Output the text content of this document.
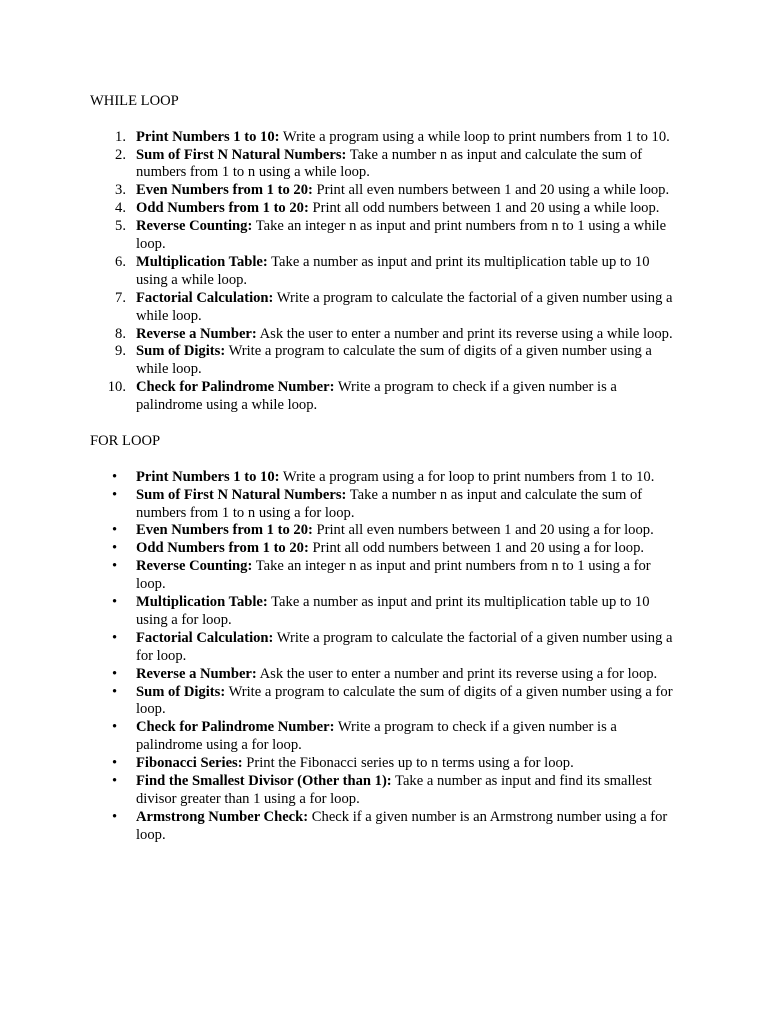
WHILE LOOP

1. Print Numbers 1 to 10: Write a program using a while loop to print numbers from 1 to 10.
2. Sum of First N Natural Numbers: Take a number n as input and calculate the sum of numbers from 1 to n using a while loop.
3. Even Numbers from 1 to 20: Print all even numbers between 1 and 20 using a while loop.
4. Odd Numbers from 1 to 20: Print all odd numbers between 1 and 20 using a while loop.
5. Reverse Counting: Take an integer n as input and print numbers from n to 1 using a while loop.
6. Multiplication Table: Take a number as input and print its multiplication table up to 10 using a while loop.
7. Factorial Calculation: Write a program to calculate the factorial of a given number using a while loop.
8. Reverse a Number: Ask the user to enter a number and print its reverse using a while loop.
9. Sum of Digits: Write a program to calculate the sum of digits of a given number using a while loop.
10. Check for Palindrome Number: Write a program to check if a given number is a palindrome using a while loop.

FOR LOOP

•	Print Numbers 1 to 10: Write a program using a for loop to print numbers from 1 to 10.
•	Sum of First N Natural Numbers: Take a number n as input and calculate the sum of numbers from 1 to n using a for loop.
•	Even Numbers from 1 to 20: Print all even numbers between 1 and 20 using a for loop.
•	Odd Numbers from 1 to 20: Print all odd numbers between 1 and 20 using a for loop.
•	Reverse Counting: Take an integer n as input and print numbers from n to 1 using a for loop.
•	Multiplication Table: Take a number as input and print its multiplication table up to 10 using a for loop.
•	Factorial Calculation: Write a program to calculate the factorial of a given number using a for loop.
•	Reverse a Number: Ask the user to enter a number and print its reverse using a for loop.
•	Sum of Digits: Write a program to calculate the sum of digits of a given number using a for loop.
•	Check for Palindrome Number: Write a program to check if a given number is a palindrome using a for loop.
•	Fibonacci Series: Print the Fibonacci series up to n terms using a for loop.
•	Find the Smallest Divisor (Other than 1): Take a number as input and find its smallest divisor greater than 1 using a for loop.
•	Armstrong Number Check: Check if a given number is an Armstrong number using a for loop.
